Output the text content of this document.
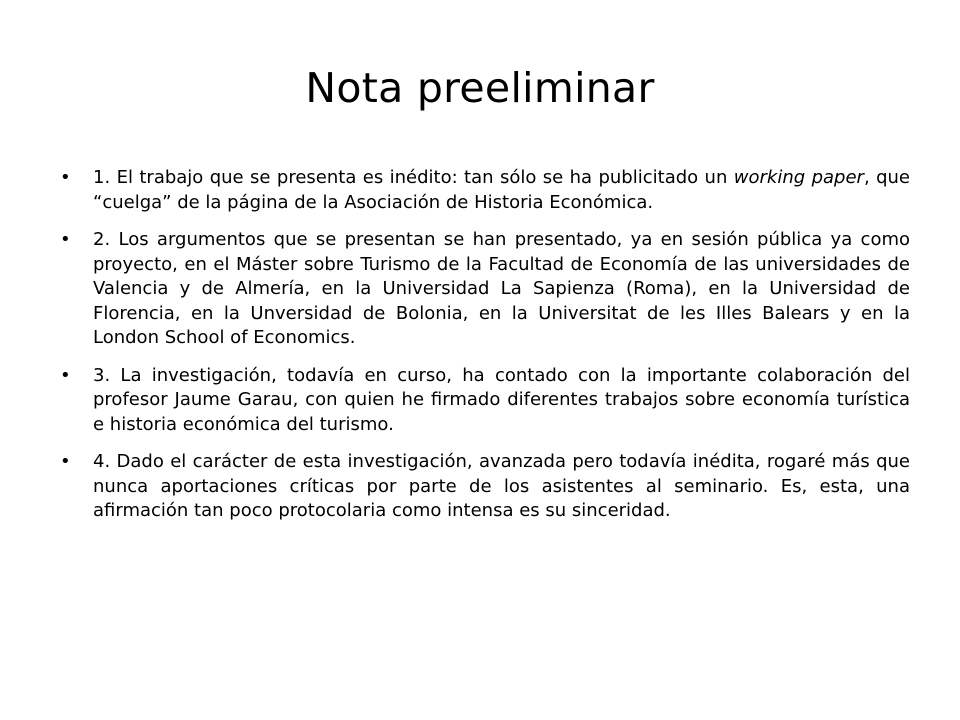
Nota preeliminar
• 1. El trabajo que se presenta es inédito: tan sólo se ha publicitado un working paper, que “cuelga” de la página de la Asociación de Historia Económica.
• 2. Los argumentos que se presentan se han presentado, ya en sesión pública ya como proyecto, en el Máster sobre Turismo de la Facultad de Economía de las universidades de Valencia y de Almería, en la Universidad La Sapienza (Roma), en la Universidad de Florencia, en la Unversidad de Bolonia, en la Universitat de les Illes Balears y en la London School of Economics.
• 3. La investigación, todavía en curso, ha contado con la importante colaboración del profesor Jaume Garau, con quien he firmado diferentes trabajos sobre economía turística e historia económica del turismo.
• 4. Dado el carácter de esta investigación, avanzada pero todavía inédita, rogaré más que nunca aportaciones críticas por parte de los asistentes al seminario. Es, esta, una afirmación tan poco protocolaria como intensa es su sinceridad.
